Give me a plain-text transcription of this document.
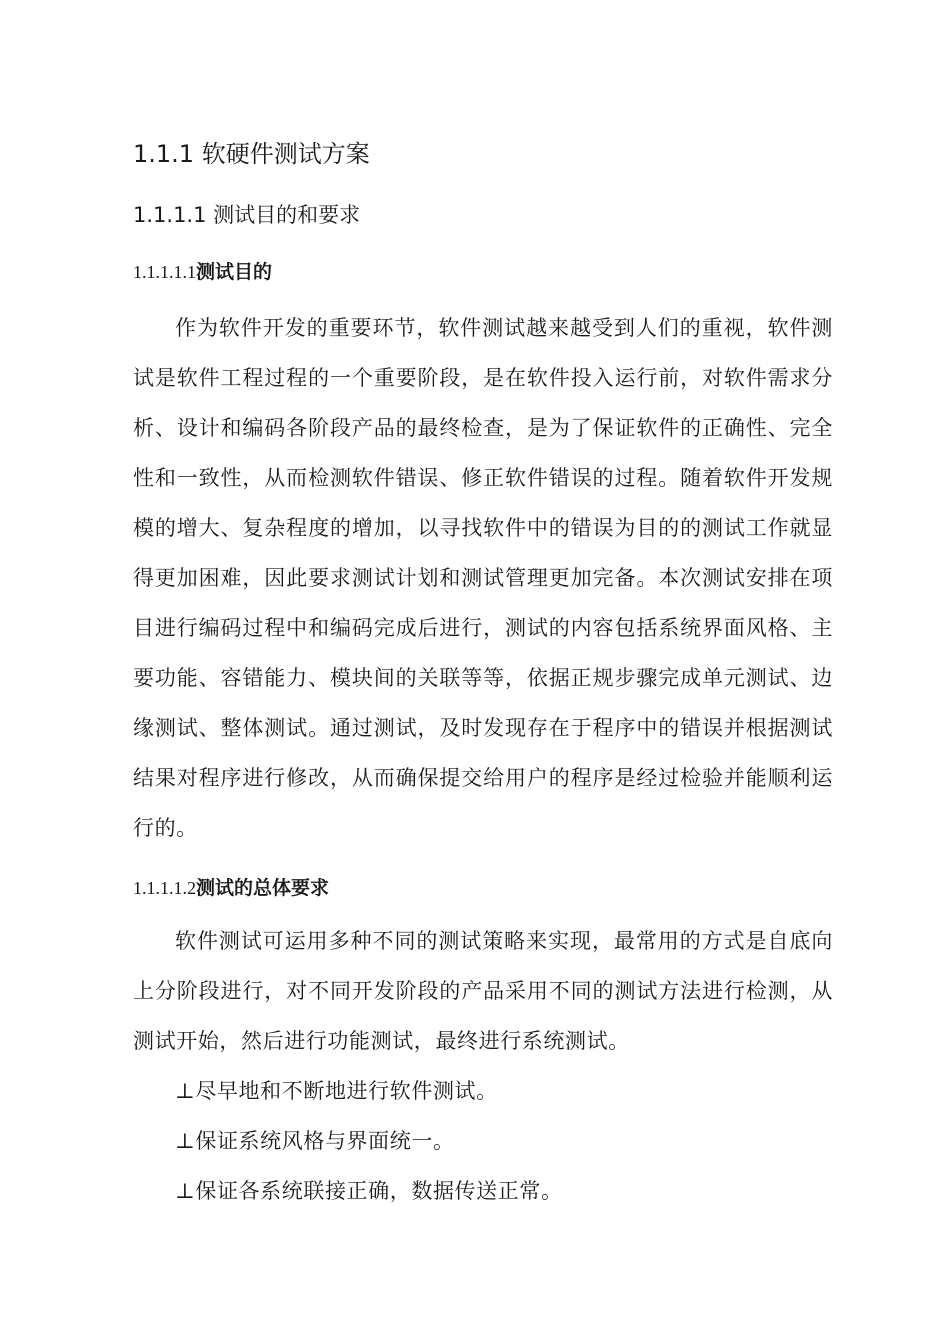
1.1.1 软硬件测试方案
1.1.1.1 测试目的和要求
1.1.1.1.1测试目的

作为软件开发的重要环节，软件测试越来越受到人们的重视，软件测试是软件工程过程的一个重要阶段，是在软件投入运行前，对软件需求分析、设计和编码各阶段产品的最终检查，是为了保证软件的正确性、完全性和一致性，从而检测软件错误、修正软件错误的过程。随着软件开发规模的增大、复杂程度的增加，以寻找软件中的错误为目的的测试工作就显得更加困难，因此要求测试计划和测试管理更加完备。本次测试安排在项目进行编码过程中和编码完成后进行，测试的内容包括系统界面风格、主要功能、容错能力、模块间的关联等等，依据正规步骤完成单元测试、边缘测试、整体测试。通过测试，及时发现存在于程序中的错误并根据测试结果对程序进行修改，从而确保提交给用户的程序是经过检验并能顺利运行的。

1.1.1.1.2测试的总体要求

软件测试可运用多种不同的测试策略来实现，最常用的方式是自底向上分阶段进行，对不同开发阶段的产品采用不同的测试方法进行检测，从测试开始，然后进行功能测试，最终进行系统测试。

⊥尽早地和不断地进行软件测试。
⊥保证系统风格与界面统一。
⊥保证各系统联接正确，数据传送正常。
